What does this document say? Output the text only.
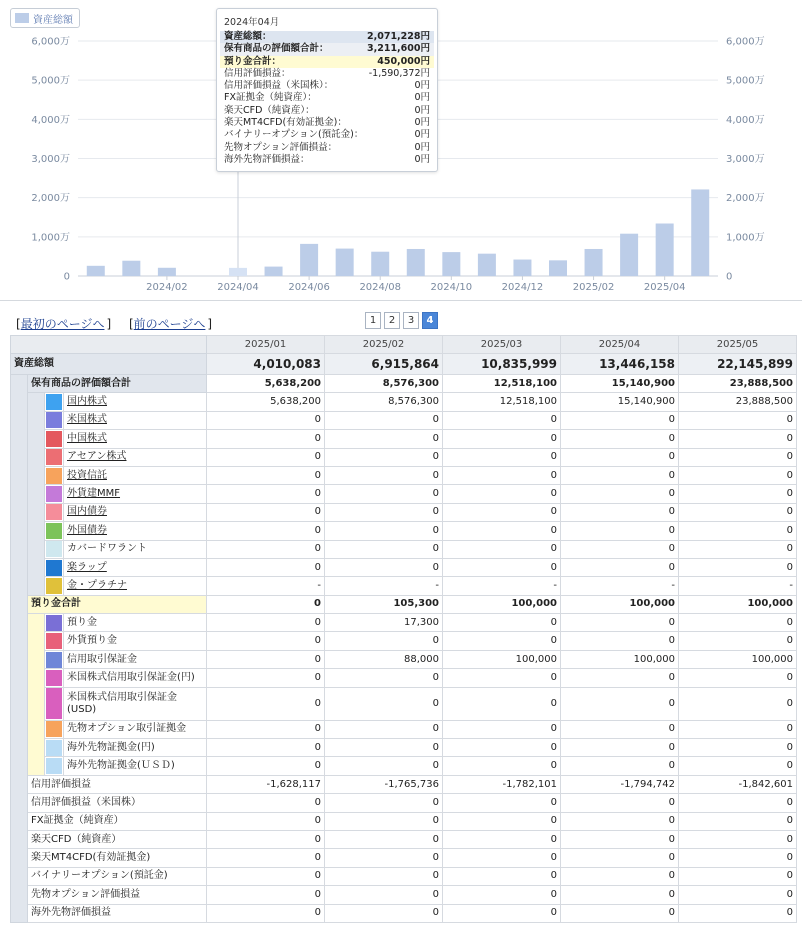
0	0
1,000万	1,000万
2,000万	2,000万
3,000万	3,000万
4,000万	4,000万
5,000万	5,000万
6,000万	6,000万
2024/02	2024/04	2024/06	2024/08	2024/10	2024/12	2025/02	2025/04
資産総額	2024年04月
資産総額：	2,071,228円
保有商品の評価額合計：	3,211,600円
預り金合計：	450,000円
信用評価損益：	-1,590,372円
信用評価損益（米国株）：	0円
FX証拠金（純資産）：	0円
楽天CFD（純資産）：	0円
楽天MT4CFD(有効証拠金)：	0円
バイナリーオプション(預託金)：	0円
先物オプション評価損益：	0円
海外先物評価損益：	0円
[最初のページへ ] [前のページへ ]	1	2	3	4
				2025/01	2025/02	2025/03	2025/04	2025/05
資産総額				4,010,083	6,915,864	10,835,999	13,446,158	22,145,899
	保有商品の評価額合計			5,638,200	8,576,300	12,518,100	15,140,900	23,888,500

		国内株式	5,638,200	8,576,300	12,518,100	15,140,900	23,888,500

			米国株式	0	0	0	0	0

			中国株式	0	0	0	0	0

			アセアン株式	0	0	0	0	0

			投資信託	0	0	0	0	0

			外貨建MMF	0	0	0	0	0

			国内債券	0	0	0	0	0

			外国債券	0	0	0	0	0

			カバードワラント	0	0	0	0	0

			楽ラップ	0	0	0	0	0

			金・プラチナ	-	-	-	-	-
	預り金合計			0	105,300	100,000	100,000	100,000

		預り金	0	17,300	0	0	0

			外貨預り金	0	0	0	0	0

			信用取引保証金	0	88,000	100,000	100,000	100,000

			米国株式信用取引保証金(円)	0	0	0	0	0

			米国株式信用取引保証金(USD)	0	0	0	0	0

			先物オプション取引証拠金	0	0	0	0	0

			海外先物証拠金(円)	0	0	0	0	0

			海外先物証拠金(ＵＳＤ)	0	0	0	0	0
	信用評価損益			-1,628,117	-1,765,736	-1,782,101	-1,794,742	-1,842,601
	信用評価損益（米国株）			0	0	0	0	0
	FX証拠金（純資産）			0	0	0	0	0
	楽天CFD（純資産）			0	0	0	0	0
	楽天MT4CFD(有効証拠金)			0	0	0	0	0
	バイナリーオプション(預託金)			0	0	0	0	0
	先物オプション評価損益			0	0	0	0	0
	海外先物評価損益			0	0	0	0	0
